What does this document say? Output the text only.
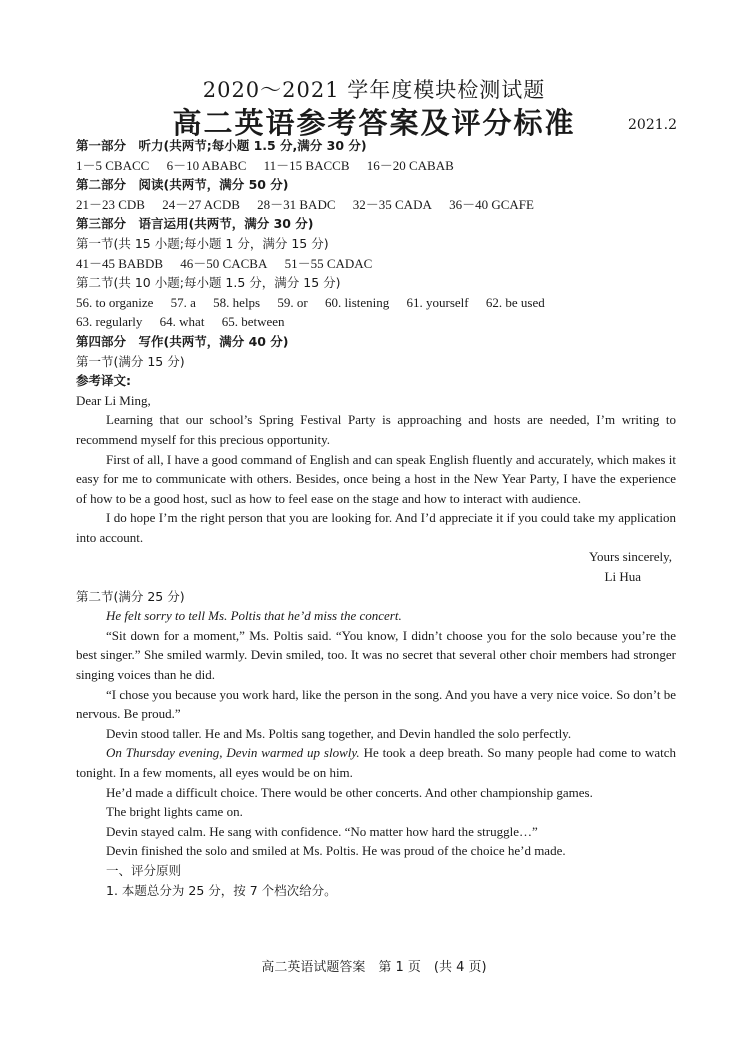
2020～2021 学年度模块检测试题
高二英语参考答案及评分标准	2021.2
第一部分　听力(共两节;每小题 1.5 分,满分 30 分)
1－5 CBACC 6－10 ABABC 11－15 BACCB 16－20 CABAB
第二部分　阅读(共两节，满分 50 分)
21－23 CDB 24－27 ACDB 28－31 BADC 32－35 CADA 36－40 GCAFE
第三部分　语言运用(共两节，满分 30 分)
第一节(共 15 小题;每小题 1 分，满分 15 分)
41－45 BABDB 46－50 CACBA 51－55 CADAC
第二节(共 10 小题;每小题 1.5 分，满分 15 分)
56. to organize 57. a 58. helps 59. or 60. listening 61. yourself 62. be used
63. regularly 64. what 65. between
第四部分　写作(共两节，满分 40 分)
第一节(满分 15 分)
参考译文:
Dear Li Ming,

Learning that our school’s Spring Festival Party is approaching and hosts are needed, I’m writing to recommend myself for this precious opportunity.

First of all, I have a good command of English and can speak English fluently and accurately, which makes it easy for me to communicate with others. Besides, once being a host in the New Year Party, I have the experience of how to be a good host, sucl as how to feel ease on the stage and how to interact with audience.

I do hope I’m the right person that you are looking for. And I’d appreciate it if you could take my application into account.

Yours sincerely,
Li Hua
第二节(满分 25 分)
He felt sorry to tell Ms. Poltis that he’d miss the concert.

“Sit down for a moment,” Ms. Poltis said. “You know, I didn’t choose you for the solo because you’re the best singer.” She smiled warmly. Devin smiled, too. It was no secret that several other choir members had stronger singing voices than he did.

“I chose you because you work hard, like the person in the song. And you have a very nice voice. So don’t be nervous. Be proud.”

Devin stood taller. He and Ms. Poltis sang together, and Devin handled the solo perfectly.

On Thursday evening, Devin warmed up slowly. He took a deep breath. So many people had come to watch tonight. In a few moments, all eyes would be on him.

He’d made a difficult choice. There would be other concerts. And other championship games.

The bright lights came on.

Devin stayed calm. He sang with confidence. “No matter how hard the struggle…”

Devin finished the solo and smiled at Ms. Poltis. He was proud of the choice he’d made.

一、评分原则
1. 本题总分为 25 分，按 7 个档次给分。
高二英语试题答案　第 1 页　(共 4 页)
